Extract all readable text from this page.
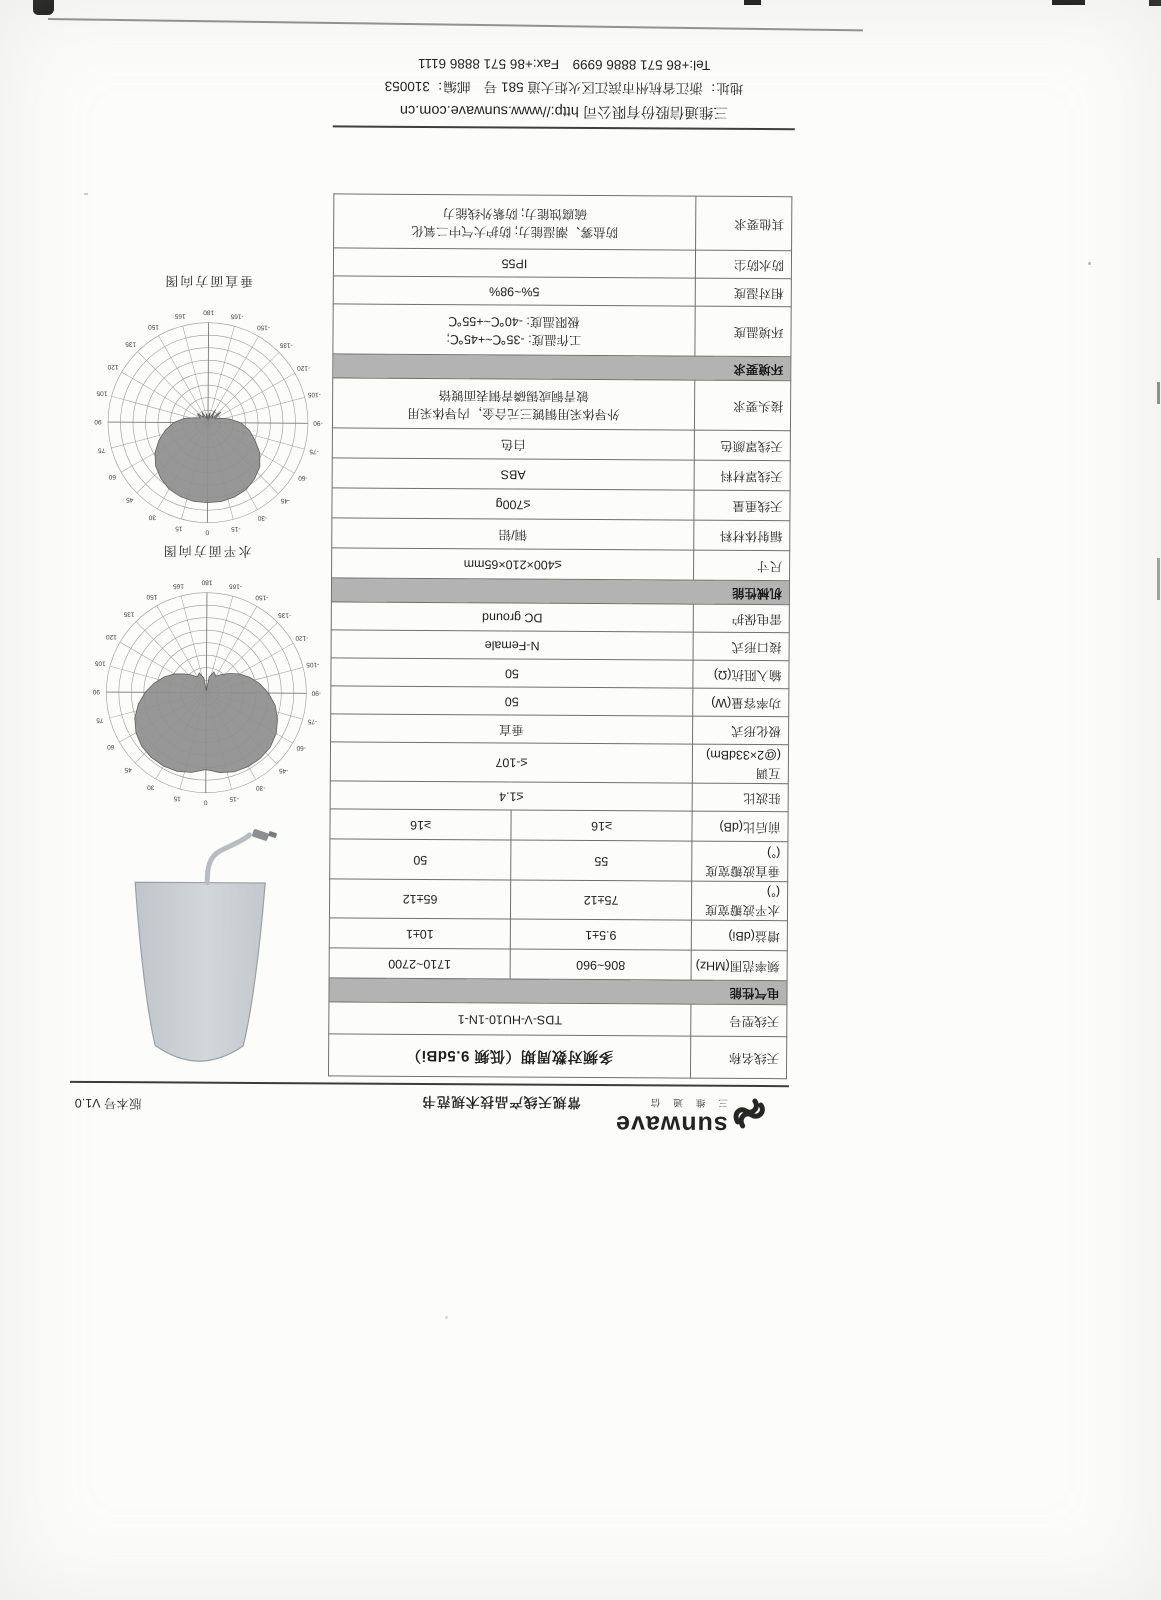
sunwave
三维通信
常规天线产品技术规范书
版本号 V1.0
天线名称	多频对数周期（低频 9.5dBi）	
天线型号	TDS-V-HU10-1N-1	
电气性能		
频率范围(MHz)	806~960	1710~2700
增益(dBi)	9.5±1	10±1
水平波瓣宽度(°)	75±12	65±12
垂直波瓣宽度(°)	55	50
前后比(dB)	≥16	≥16
驻波比	≤1.4	
互调(@2×33dBm)	≤-107	
极化形式	垂直	
功率容量(W)	50	
输入阻抗(Ω)	50	
接口形式	N-Female	
雷电保护	DC ground	
机械性能		
尺寸	≤400×210×65mm	
辐射体材料	铜/铝	
天线重量	≤700g	
天线罩材料	ABS	
天线罩颜色	白色	
接头要求	外导体采用铜镀三元合金，内导体采用
铍青铜或锡磷青铜表面镀铬	
环境要求		
环境温度	工作温度: -35℃~+45℃;
极限温度: -40℃~+55℃	
相对湿度	5%~98%	
防水防尘	IP55	
其他要求	防盐雾、潮湿能力; 防护大气中二氧化
硫腐蚀能力; 防紫外线能力	
0
15
30
45
60
75
90
105
120
135
150
165
180
-165
-150
-135
-120
-105
-90
-75
-60
-45
-30
-15
水平面方向图
0
15
30
45
60
75
90
105
120
135
150
165
180
-165
-150
-135
-120
-105
-90
-75
-60
-45
-30
-15
垂直面方向图
三维通信股份有限公司 http://www.sunwave.com.cn
地址：浙江省杭州市滨江区火炬大道 581 号　邮编：310053
Tel:+86 571 8886 6999　Fax:+86 571 8886 6111
